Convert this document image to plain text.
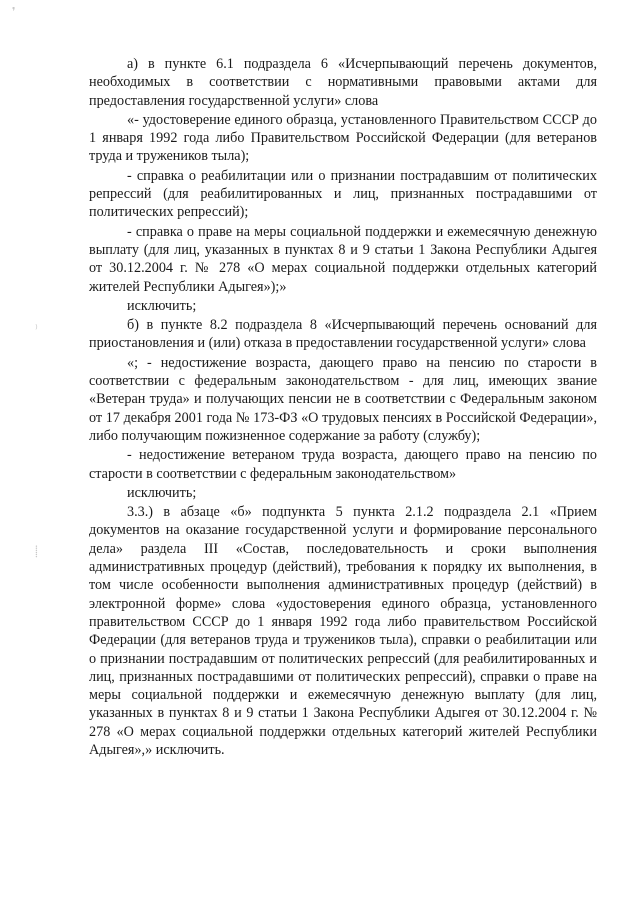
❜
⁾
⸽

а) в пункте 6.1 подраздела 6 «Исчерпывающий перечень документов, необходимых в соответствии с нормативными правовыми актами для предоставления государственной услуги» слова

«- удостоверение единого образца, установленного Правительством СССР до 1 января 1992 года либо Правительством Российской Федерации (для ветеранов труда и тружеников тыла);

- справка о реабилитации или о признании пострадавшим от политических репрессий (для реабилитированных и лиц, признанных пострадавшими от политических репрессий);

- справка о праве на меры социальной поддержки и ежемесячную денежную выплату (для лиц, указанных в пунктах 8 и 9 статьи 1 Закона Республики Адыгея от 30.12.2004 г. № 278 «О мерах социальной поддержки отдельных категорий жителей Республики Адыгея»);»

исключить;

б) в пункте 8.2 подраздела 8 «Исчерпывающий перечень оснований для приостановления и (или) отказа в предоставлении государственной услуги» слова

«; - недостижение возраста, дающего право на пенсию по старости в соответствии с федеральным законодательством - для лиц, имеющих звание «Ветеран труда» и получающих пенсии не в соответствии с Федеральным законом от 17 декабря 2001 года № 173-ФЗ «О трудовых пенсиях в Российской Федерации», либо получающим пожизненное содержание за работу (службу);

- недостижение ветераном труда возраста, дающего право на пенсию по старости в соответствии с федеральным законодательством»

исключить;

3.3.) в абзаце «б» подпункта 5 пункта 2.1.2 подраздела 2.1 «Прием документов на оказание государственной услуги и формирование персонального дела» раздела III «Состав, последовательность и сроки выполнения административных процедур (действий), требования к порядку их выполнения, в том числе особенности выполнения административных процедур (действий) в электронной форме» слова «удостоверения единого образца, установленного правительством СССР до 1 января 1992 года либо правительством Российской Федерации (для ветеранов труда и тружеников тыла), справки о реабилитации или о признании пострадавшим от политических репрессий (для реабилитированных и лиц, признанных пострадавшими от политических репрессий), справки о праве на меры социальной поддержки и ежемесячную денежную выплату (для лиц, указанных в пунктах 8 и 9 статьи 1 Закона Республики Адыгея от 30.12.2004 г. № 278 «О мерах социальной поддержки отдельных категорий жителей Республики Адыгея»,» исключить.
